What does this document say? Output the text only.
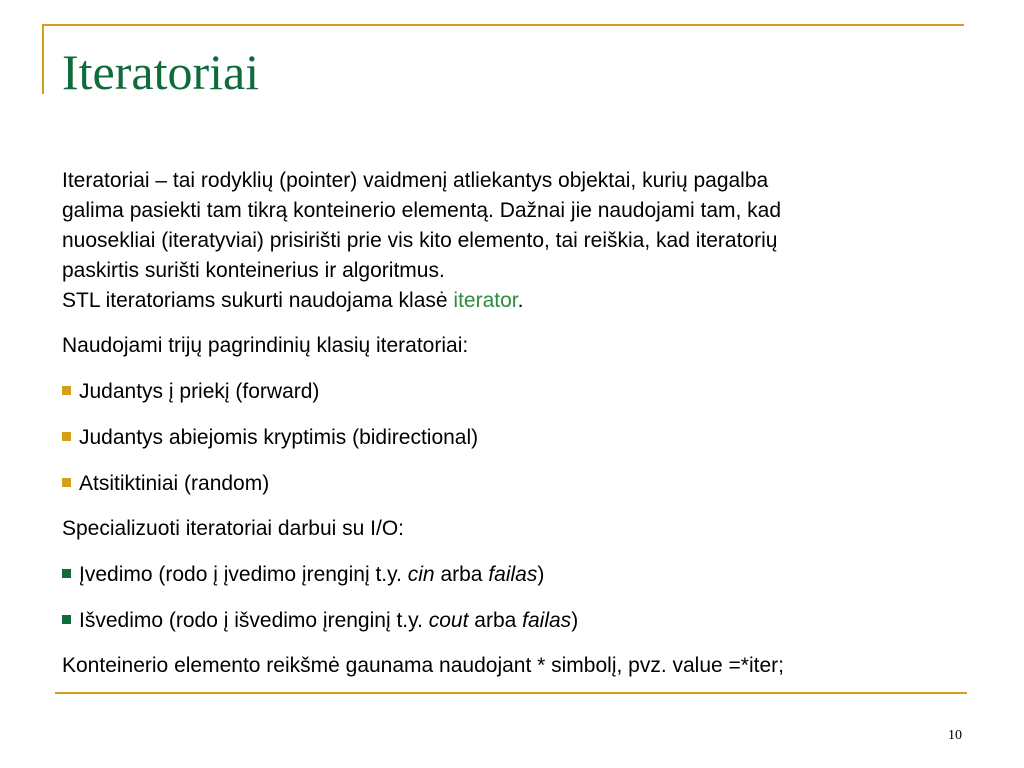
Iteratoriai

Iteratoriai – tai rodyklių (pointer) vaidmenį atliekantys objektai, kurių pagalba

galima pasiekti tam tikrą konteinerio elementą. Dažnai jie naudojami tam, kad

nuosekliai (iteratyviai) prisirišti prie vis kito elemento, tai reiškia, kad iteratorių

paskirtis surišti konteinerius ir algoritmus.

STL iteratoriams sukurti naudojama klasė iterator.

Naudojami trijų pagrindinių klasių iteratoriai:

Judantys į priekį (forward)
Judantys abiejomis kryptimis (bidirectional)
Atsitiktiniai (random)

Specializuoti iteratoriai darbui su I/O:

Įvedimo (rodo į įvedimo įrenginį t.y. cin arba failas)
Išvedimo (rodo į išvedimo įrenginį t.y. cout arba failas)

Konteinerio elemento reikšmė gaunama naudojant * simbolį, pvz. value =*iter;

10
